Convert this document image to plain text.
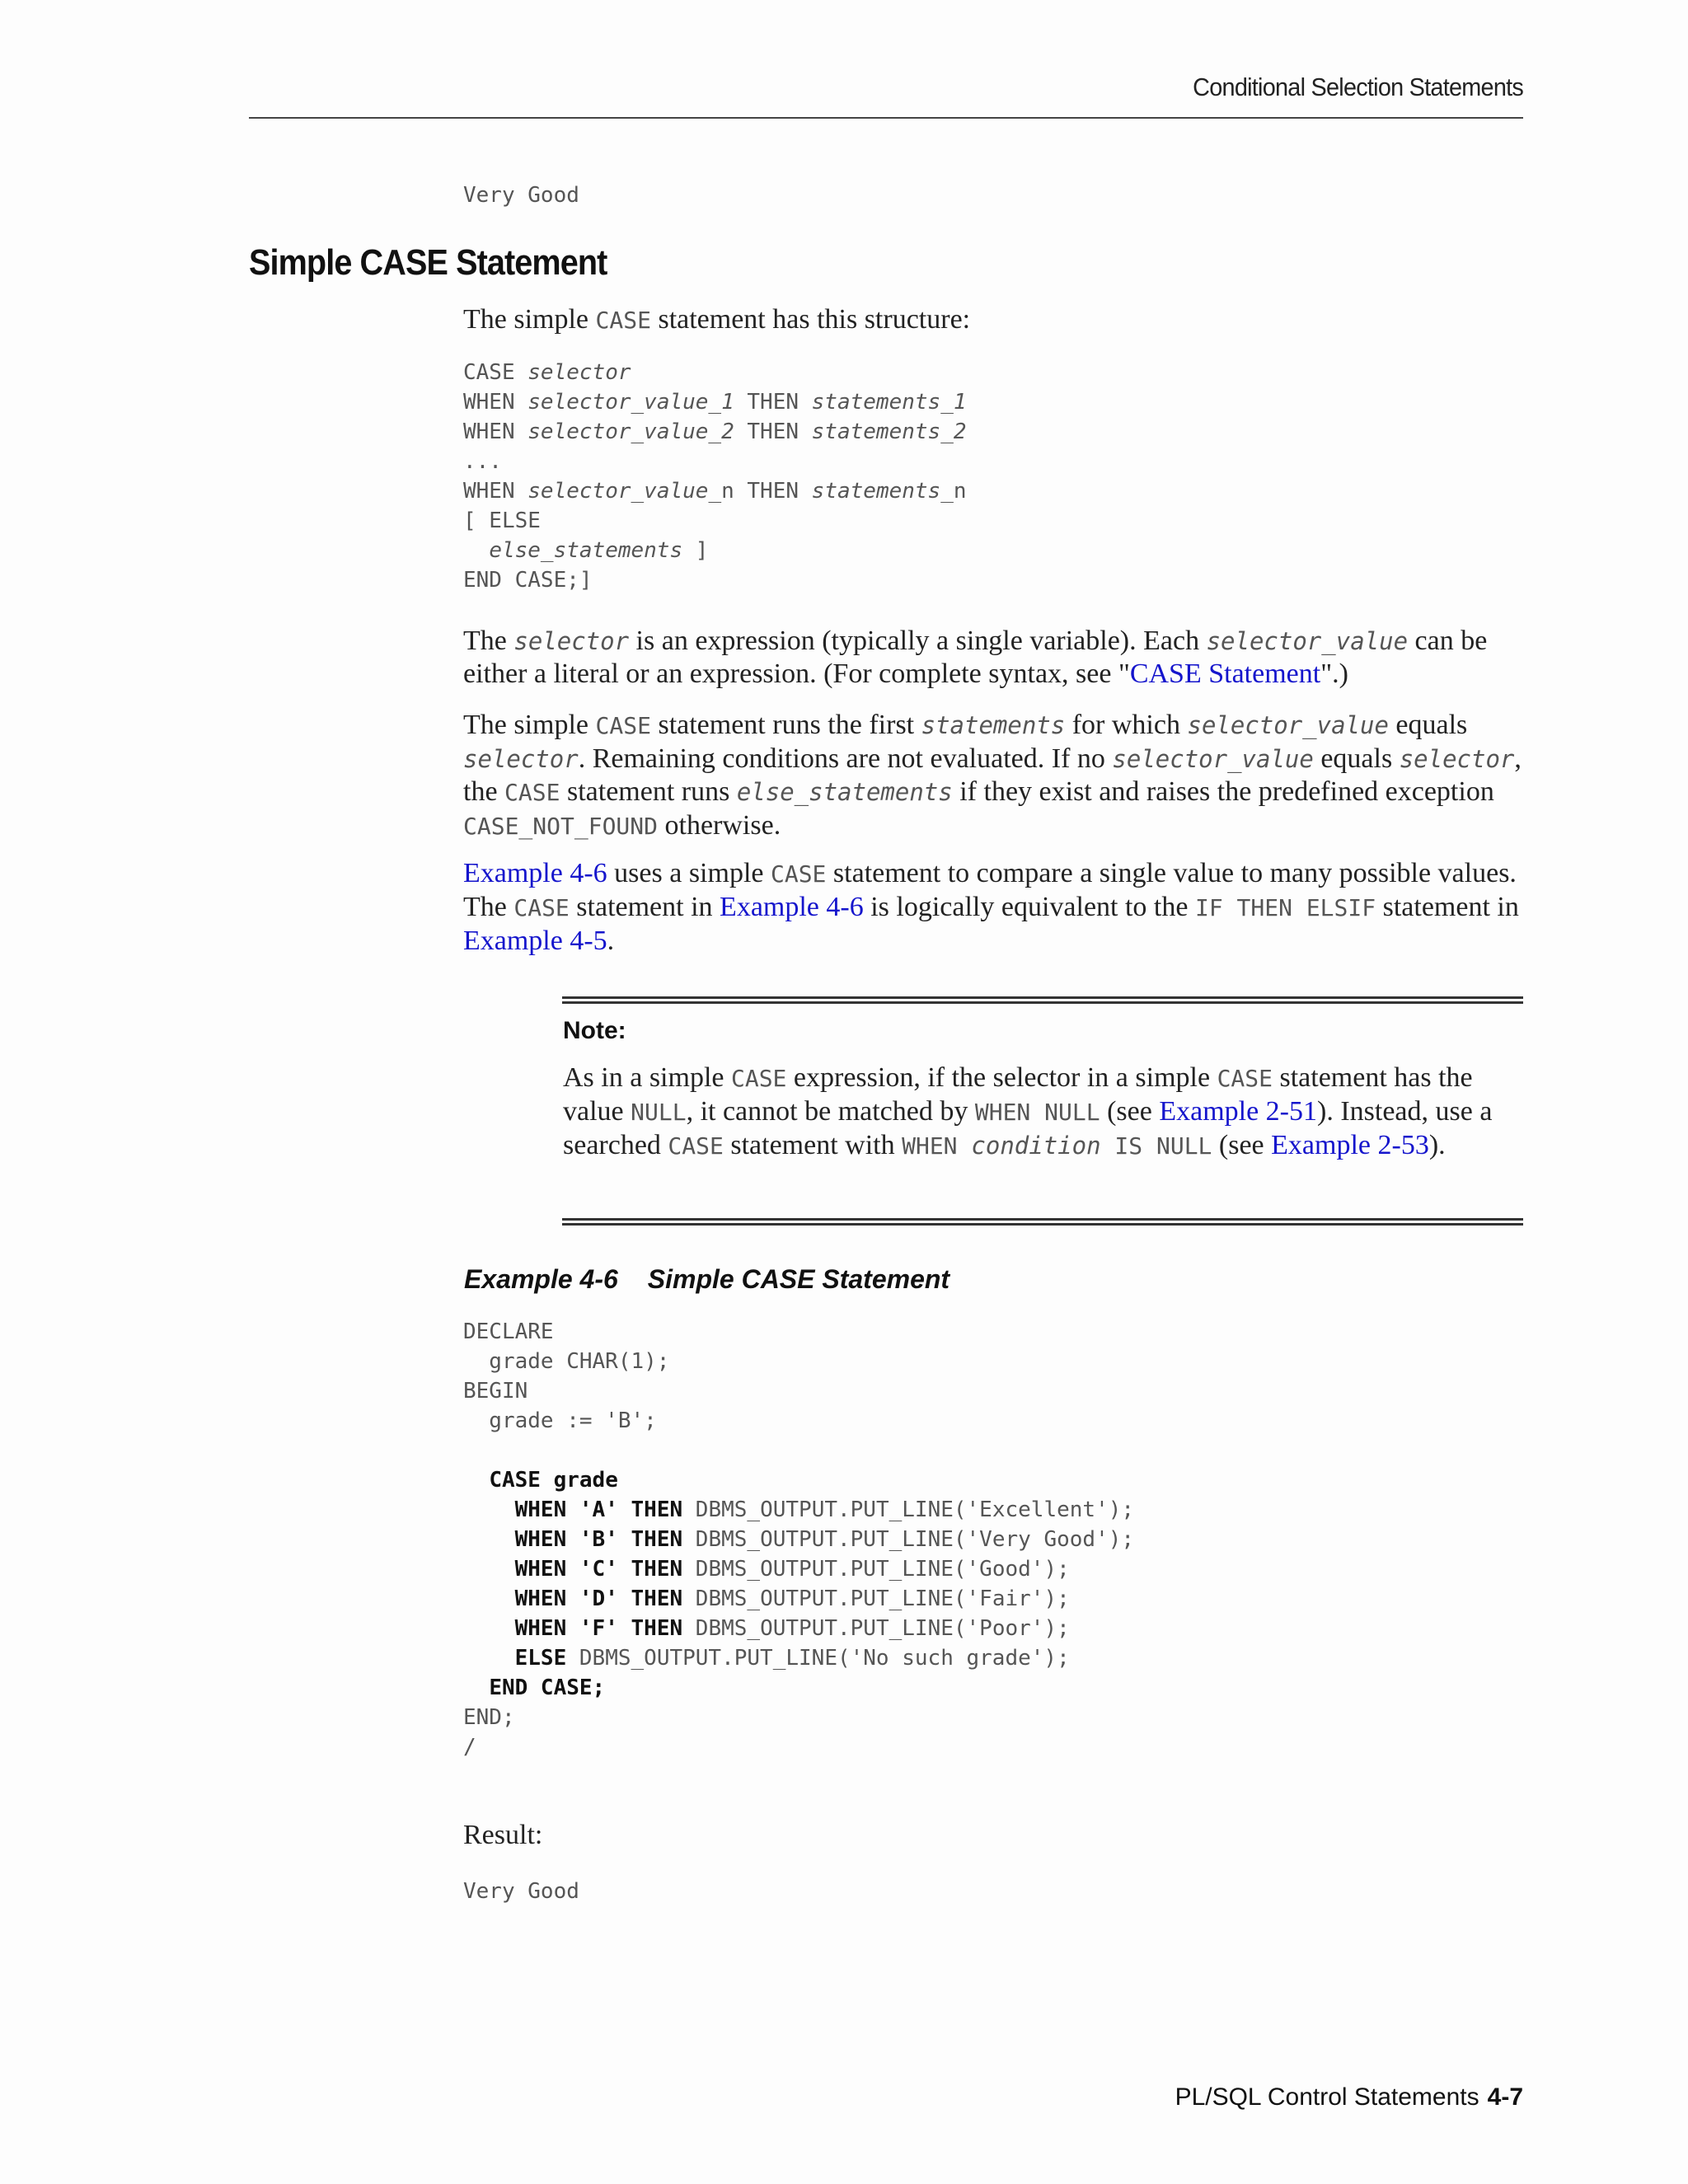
Conditional Selection Statements
Very Good
Simple CASE Statement

The simple CASE statement has this structure:

CASE selector
WHEN selector_value_1 THEN statements_1
WHEN selector_value_2 THEN statements_2
...
WHEN selector_value_n THEN statements_n
[ ELSE
else_statements ]
END CASE;]

The selector is an expression (typically a single variable). Each selector_value can be either a literal or an expression. (For complete syntax, see "CASE Statement".)

The simple CASE statement runs the first statements for which selector_value equals selector. Remaining conditions are not evaluated. If no selector_value equals selector, the CASE statement runs else_statements if they exist and raises the predefined exception CASE_NOT_FOUND otherwise.

Example 4-6 uses a simple CASE statement to compare a single value to many possible values. The CASE statement in Example 4-6 is logically equivalent to the IF THEN ELSIF statement in Example 4-5.

Note:

As in a simple CASE expression, if the selector in a simple CASE statement has the value NULL, it cannot be matched by WHEN NULL (see Example 2-51). Instead, use a searched CASE statement with WHEN condition IS NULL (see Example 2-53).

Example 4-6 Simple CASE Statement
DECLARE
grade CHAR(1);
BEGIN
grade := 'B';

CASE grade
WHEN 'A' THEN DBMS_OUTPUT.PUT_LINE('Excellent');
WHEN 'B' THEN DBMS_OUTPUT.PUT_LINE('Very Good');
WHEN 'C' THEN DBMS_OUTPUT.PUT_LINE('Good');
WHEN 'D' THEN DBMS_OUTPUT.PUT_LINE('Fair');
WHEN 'F' THEN DBMS_OUTPUT.PUT_LINE('Poor');
ELSE DBMS_OUTPUT.PUT_LINE('No such grade');
END CASE;
END;
/
Result:
Very Good
PL/SQL Control Statements 4-7
